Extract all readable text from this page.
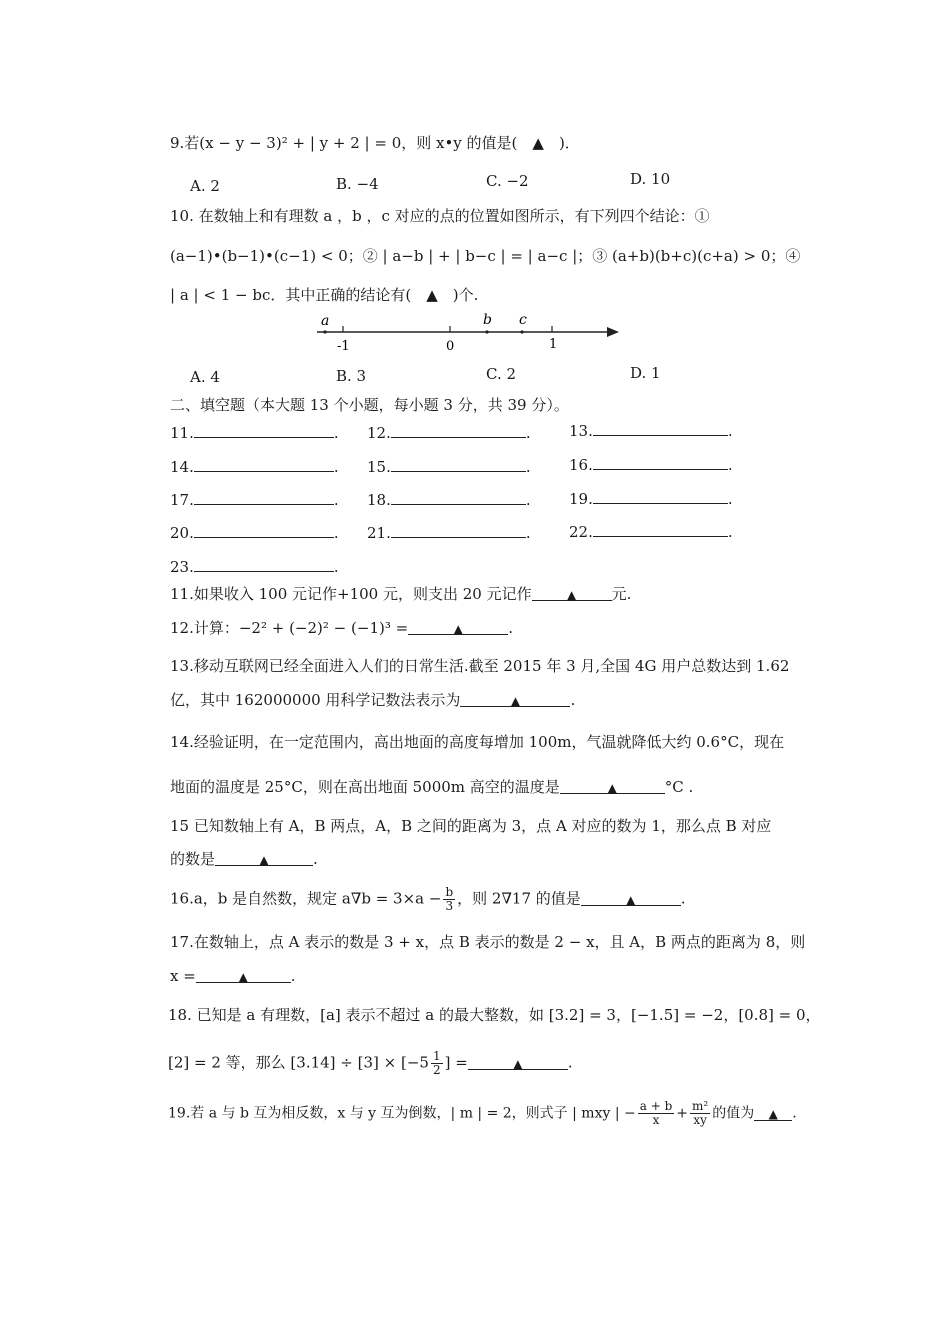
9.若(x − y − 3)² + | y + 2 | = 0，则 x•y 的值是(　▲　)．
A. 2	B. −4	C. −2	D. 10
10. 在数轴上和有理数 a ，b ，c 对应的点的位置如图所示，有下列四个结论：①
(a−1)•(b−1)•(c−1) < 0；② | a−b | + | b−c | = | a−c |；③ (a+b)(b+c)(c+a) > 0；④
| a | < 1 − bc．其中正确的结论有(　▲　)个.
a	b c
-1	0	1
A. 4	B. 3	C. 2	D. 1
二、填空题（本大题 13 个小题，每小题 3 分，共 39 分）。
11.	. 12.	.	13.	.
14.	. 15.	.	16.	.
17.	. 18.	.	19.	.
20.	. 21.	.	22.	.
23.	.
11.如果收入 100 元记作+100 元，则支出 20 元记作	▲ 元.
12.计算：−2² + (−2)² − (−1)³ =	▲	.
13.移动互联网已经全面进入人们的日常生活.截至 2015 年 3 月,全国 4G 用户总数达到 1.62
亿，其中 162000000 用科学记数法表示为	▲	.
14.经验证明，在一定范围内，高出地面的高度每增加 100m，气温就降低大约 0.6°C，现在
地面的温度是 25°C，则在高出地面 5000m 高空的温度是	▲	°C .
15 已知数轴上有 A，B 两点，A，B 之间的距离为 3，点 A 对应的数为 1，那么点 B 对应
的数是	▲	.
16.a，b 是自然数，规定 $a\nabla b = 3\times a - \frac{b}{3}$ ，则 2∇17 的值是	▲	.
17.在数轴上，点 A 表示的数是 3 + x，点 B 表示的数是 2 − x，且 A，B 两点的距离为 8，则
x =	▲	.
18. 已知是 a 有理数，[a] 表示不超过 a 的最大整数，如 [3.2] = 3，[−1.5] = −2，[0.8] = 0，
[2] = 2 等，那么 $[3.14] \div [3] \times [-5 \frac{1}{2}$ ] =	▲	.
19.若 a 与 b 互为相反数，x 与 y 互为倒数，| m | = 2，则式子 | mxy | − $\frac{a + b}{x} + \frac{\text{m²}}{xy}$ 的值为 ▲ .
